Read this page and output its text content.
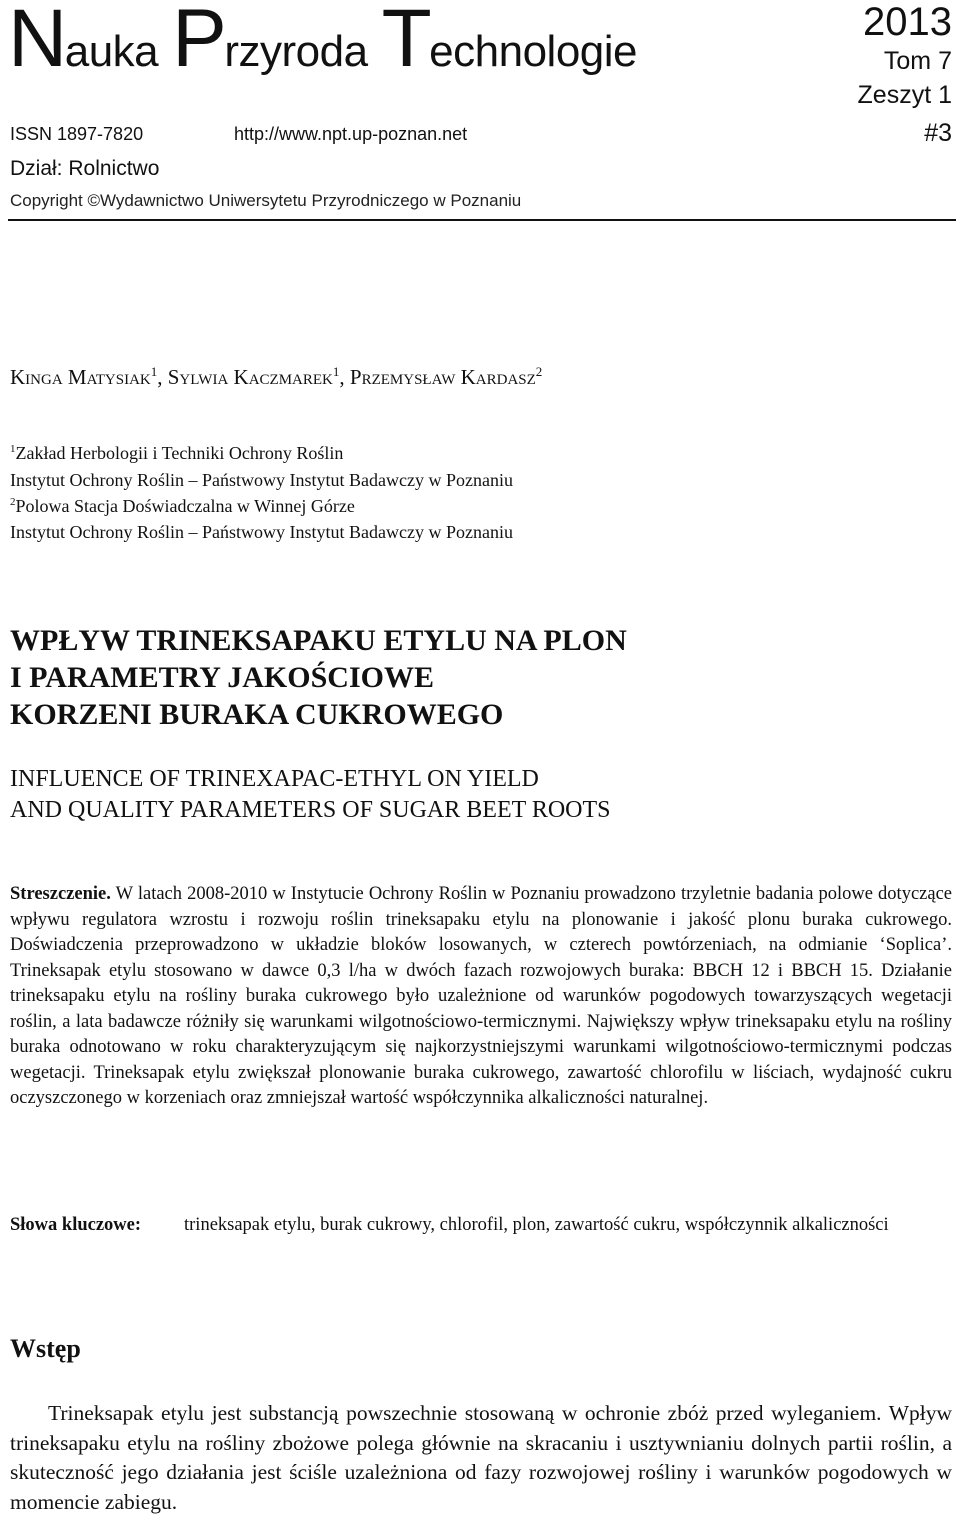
Nauka Przyroda Technologie
2013
Tom 7
Zeszyt 1
#3
ISSN 1897-7820	http://www.npt.up-poznan.net
Dział: Rolnictwo
Copyright ©Wydawnictwo Uniwersytetu Przyrodniczego w Poznaniu
Kinga Matysiak$^1$, Sylwia Kaczmarek$^1$, Przemysław Kardasz$^2$
$^1$Zakład Herbologii i Techniki Ochrony Roślin
Instytut Ochrony Roślin – Państwowy Instytut Badawczy w Poznaniu
$^2$Polowa Stacja Doświadczalna w Winnej Górze
Instytut Ochrony Roślin – Państwowy Instytut Badawczy w Poznaniu
WPŁYW TRINEKSAPAKU ETYLU NA PLON
I PARAMETRY JAKOŚCIOWE
KORZENI BURAKA CUKROWEGO
INFLUENCE OF TRINEXAPAC-ETHYL ON YIELD
AND QUALITY PARAMETERS OF SUGAR BEET ROOTS
Streszczenie. W latach 2008-2010 w Instytucie Ochrony Roślin w Poznaniu prowadzono trzyletnie badania polowe dotyczące wpływu regulatora wzrostu i rozwoju roślin trineksapaku etylu na plonowanie i jakość plonu buraka cukrowego. Doświadczenia przeprowadzono w układzie bloków losowanych, w czterech powtórzeniach, na odmianie ‘Soplica’. Trineksapak etylu stosowano w dawce 0,3 l/ha w dwóch fazach rozwojowych buraka: BBCH 12 i BBCH 15. Działanie trineksapaku etylu na rośliny buraka cukrowego było uzależnione od warunków pogodowych towarzyszących wegetacji roślin, a lata badawcze różniły się warunkami wilgotnościowo-termicznymi. Największy wpływ trineksapaku etylu na rośliny buraka odnotowano w roku charakteryzującym się najkorzystniejszymi warunkami wilgotnościowo-termicznymi podczas wegetacji. Trineksapak etylu zwiększał plonowanie buraka cukrowego, zawartość chlorofilu w liściach, wydajność cukru oczyszczonego w korzeniach oraz zmniejszał wartość współczynnika alkaliczności naturalnej.
Słowa kluczowe: trineksapak etylu, burak cukrowy, chlorofil, plon, zawartość cukru, współczynnik alkaliczności
Wstęp
Trineksapak etylu jest substancją powszechnie stosowaną w ochronie zbóż przed wyleganiem. Wpływ trineksapaku etylu na rośliny zbożowe polega głównie na skracaniu i usztywnianiu dolnych partii roślin, a skuteczność jego działania jest ściśle uzależniona od fazy rozwojowej rośliny i warunków pogodowych w momencie zabiegu.
